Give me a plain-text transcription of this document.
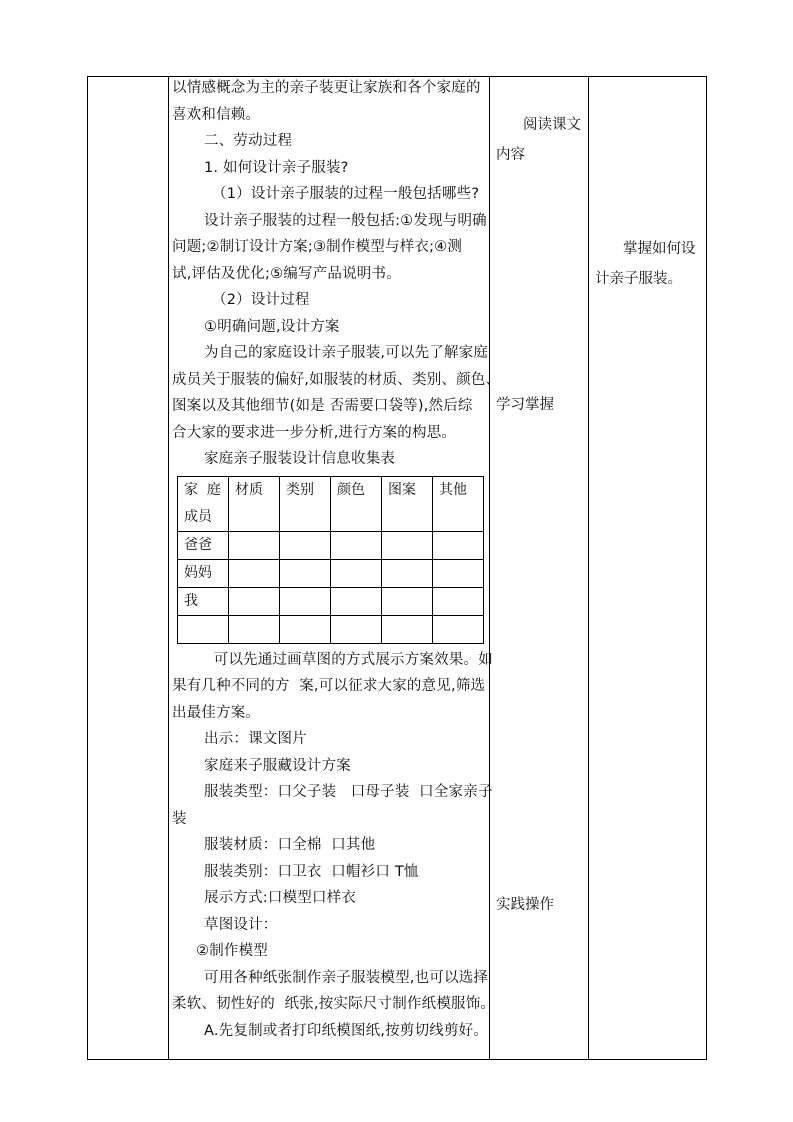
以情感概念为主的亲子装更让家族和各个家庭的
喜欢和信赖。
二、劳动过程
1. 如何设计亲子服装?
（1）设计亲子服装的过程一般包括哪些?
设计亲子服装的过程一般包括:①发现与明确
问题;②制订设计方案;③制作模型与样衣;④测
试,评估及优化;⑤编写产品说明书。
（2）设计过程
①明确问题,设计方案
为自己的家庭设计亲子服装,可以先了解家庭
成员关于服装的偏好,如服装的材质、类别、颜色、
图案以及其他细节(如是 否需要口袋等),然后综
合大家的要求进一步分析,进行方案的构思。
家庭亲子服装设计信息收集表
家  庭
成员	材质	类别	颜色	图案	其他
爸爸					
妈妈					
我					

可以先通过画草图的方式展示方案效果。如
果有几种不同的方  案,可以征求大家的意见,筛选
出最佳方案。
出示：课文图片
家庭来子服藏设计方案
服装类型：口父子装   口母子装  口全家亲子
装
服装材质：口全棉  口其他
服装类别：口卫衣  口帽衫口 T恤
展示方式:口模型口样衣
草图设计：
②制作模型
可用各种纸张制作亲子服装模型,也可以选择
柔软、韧性好的  纸张,按实际尺寸制作纸模服饰。
A.先复制或者打印纸模图纸,按剪切线剪好。
阅读课文
内容
学习掌握
实践操作
掌握如何设
计亲子服装。
